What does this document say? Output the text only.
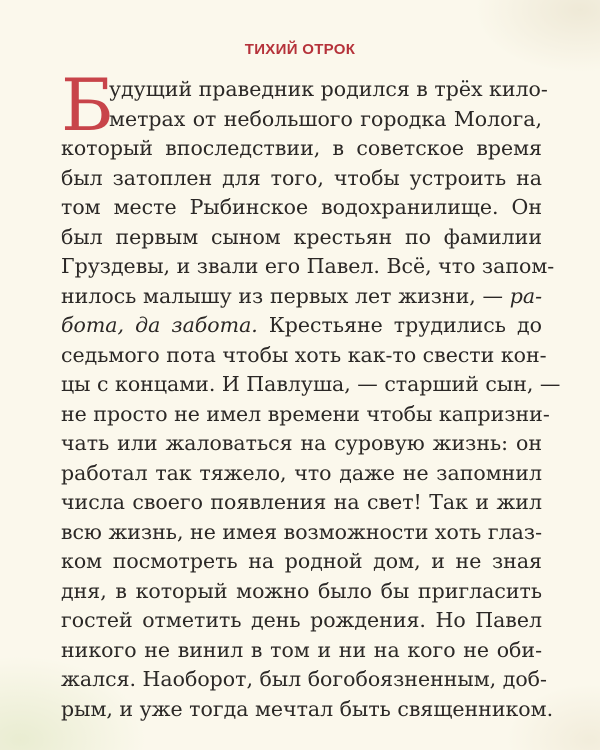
ТИХИЙ ОТРОК
Б
удущий праведник родился в трёх кило-
метрах от небольшого городка Молога,
который впоследствии, в советское время
был затоплен для того, чтобы устроить на
том месте Рыбинское водохранилище. Он
был первым сыном крестьян по фамилии
Груздевы, и звали его Павел. Всё, что запом-
нилось малышу из первых лет жизни, — ра-
бота, да забота. Крестьяне трудились до
седьмого пота чтобы хоть как-то свести кон-
цы с концами. И Павлуша, — старший сын, —
не просто не имел времени чтобы капризни-
чать или жаловаться на суровую жизнь: он
работал так тяжело, что даже не запомнил
числа своего появления на свет! Так и жил
всю жизнь, не имея возможности хоть глаз-
ком посмотреть на родной дом, и не зная
дня, в который можно было бы пригласить
гостей отметить день рождения. Но Павел
никого не винил в том и ни на кого не оби-
жался. Наоборот, был богобоязненным, доб-
рым, и уже тогда мечтал быть священником.
